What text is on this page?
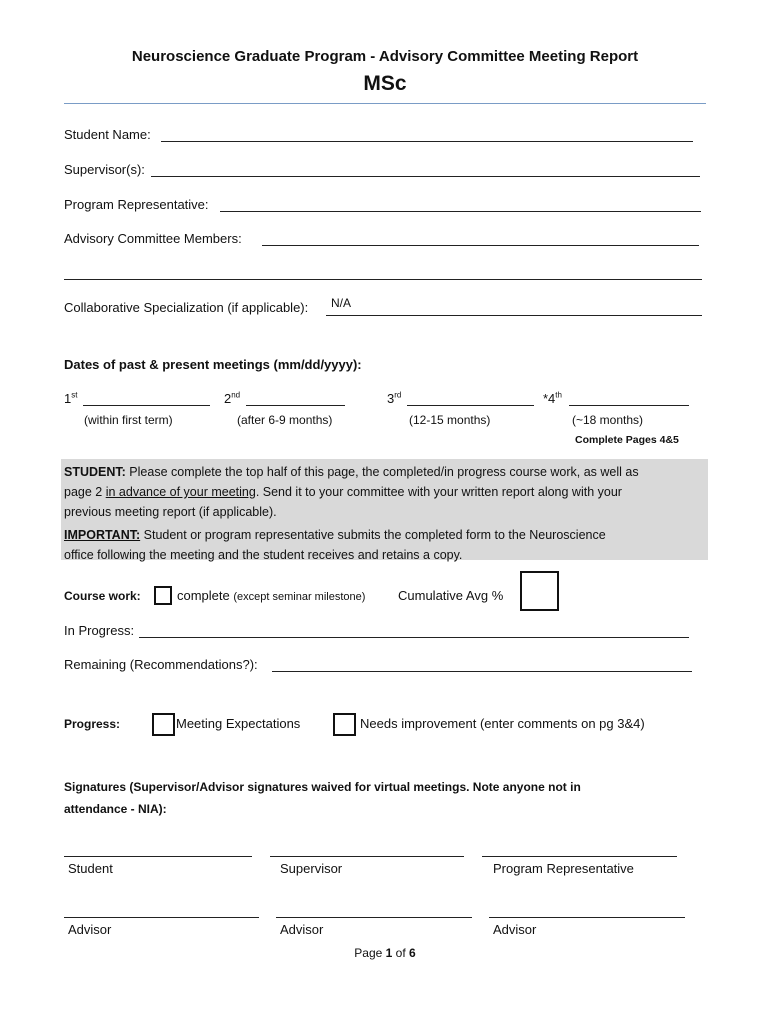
Neuroscience Graduate Program - Advisory Committee Meeting Report
MSc
Student Name:
Supervisor(s):
Program Representative:
Advisory Committee Members:
Collaborative Specialization (if applicable): N/A
Dates of past & present meetings (mm/dd/yyyy):
1st
(within first term)
2nd
(after 6-9 months)
3rd
(12-15 months)
*4th
(~18 months)
Complete Pages 4&5
STUDENT: Please complete the top half of this page, the completed/in progress course work, as well as
page 2 in advance of your meeting. Send it to your committee with your written report along with your
previous meeting report (if applicable).
IMPORTANT: Student or program representative submits the completed form to the Neuroscience
office following the meeting and the student receives and retains a copy.
Course work:	complete (except seminar milestone)	Cumulative Avg %
In Progress:
Remaining (Recommendations?):
Progress:	Meeting Expectations	Needs improvement (enter comments on pg 3&4)
Signatures (Supervisor/Advisor signatures waived for virtual meetings. Note anyone not in
attendance - NIA):
Student	Supervisor	Program Representative
Advisor	Advisor	Advisor
Page 1 of 6
